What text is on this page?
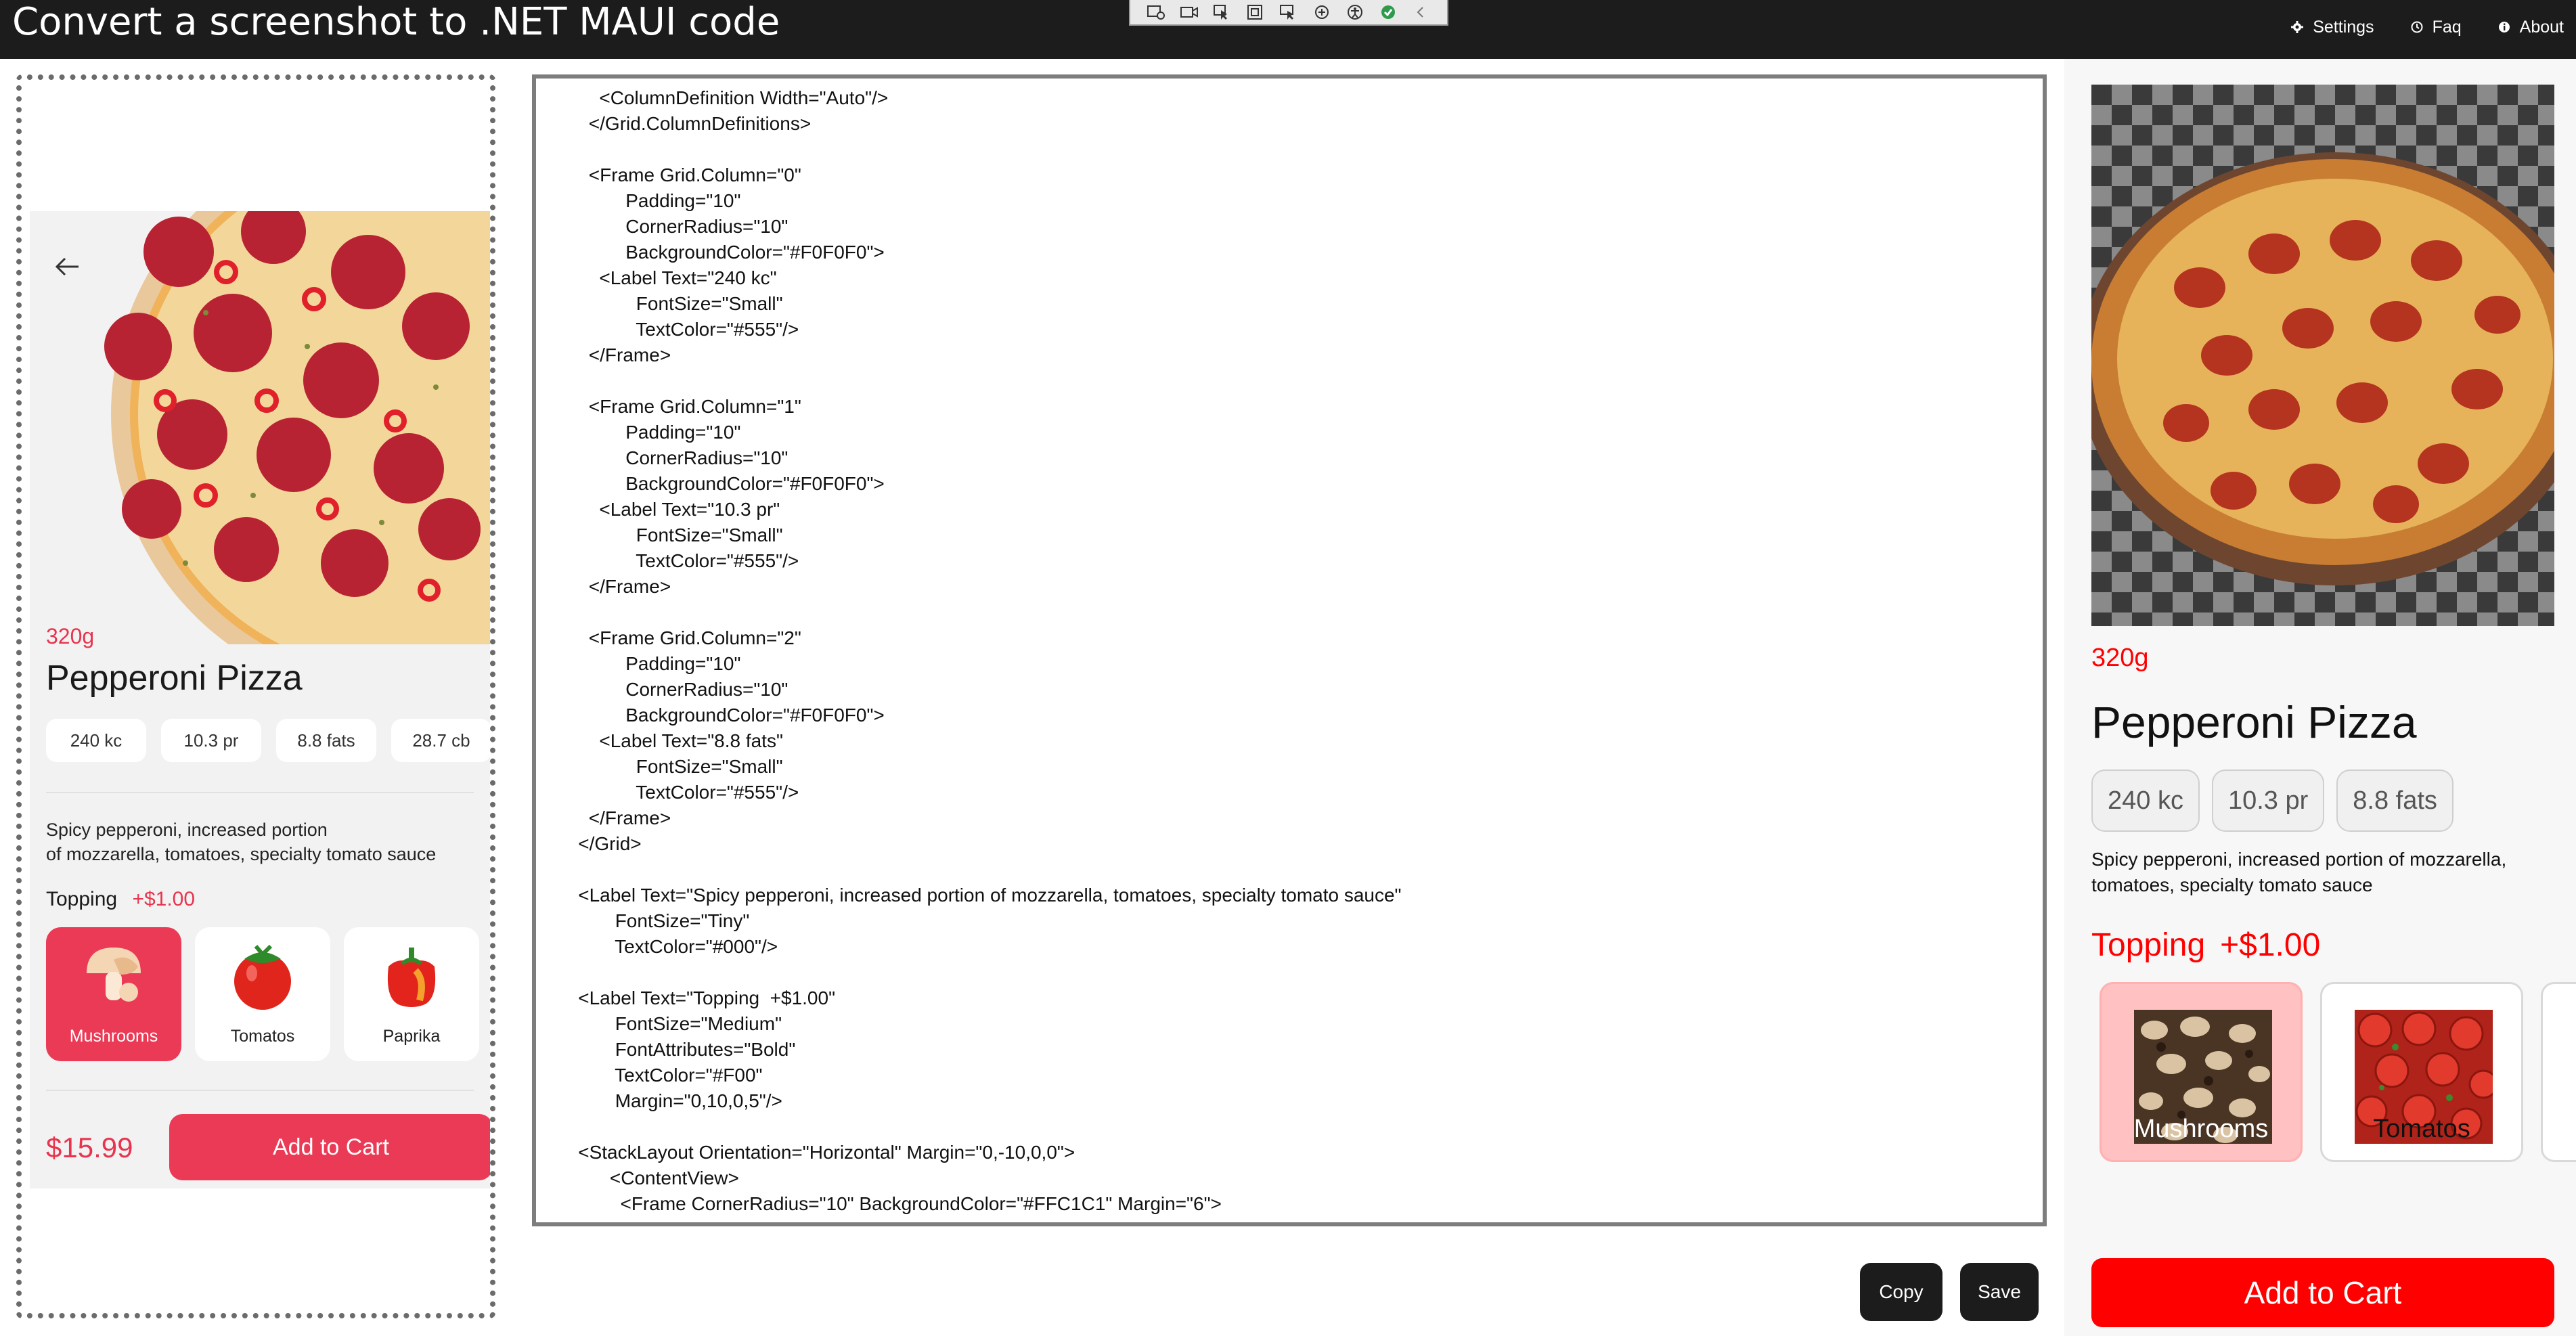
Convert a screenshot to .NET MAUI code	Settings	Faq	About
320g
Pepperoni Pizza
240 kc	10.3 pr	8.8 fats	28.7 cb
Spicy pepperoni, increased portion
of mozzarella, tomatoes, specialty tomato sauce
Topping +$1.00
Mushrooms	Tomatos	Paprika
$15.99	Add to Cart
<ColumnDefinition Width="Auto"/>
</Grid.ColumnDefinitions>
<Frame Grid.Column="0"
Padding="10"
CornerRadius="10"
BackgroundColor="#F0F0F0">
<Label Text="240 kc"
FontSize="Small"
TextColor="#555"/>
</Frame>
<Frame Grid.Column="1"
Padding="10"
CornerRadius="10"
BackgroundColor="#F0F0F0">
<Label Text="10.3 pr"
FontSize="Small"
TextColor="#555"/>
</Frame>
<Frame Grid.Column="2"
Padding="10"
CornerRadius="10"
BackgroundColor="#F0F0F0">
<Label Text="8.8 fats"
FontSize="Small"
TextColor="#555"/>
</Frame>
</Grid>
<Label Text="Spicy pepperoni, increased portion of mozzarella, tomatoes, specialty tomato sauce"
FontSize="Tiny"
TextColor="#000"/>
<Label Text="Topping  +$1.00"
FontSize="Medium"
FontAttributes="Bold"
TextColor="#F00"
Margin="0,10,0,5"/>
<StackLayout Orientation="Horizontal" Margin="0,-10,0,0">
<ContentView>
<Frame CornerRadius="10" BackgroundColor="#FFC1C1" Margin="6">
Copy	Save
320g
Pepperoni Pizza
240 kc	10.3 pr	8.8 fats
Spicy pepperoni, increased portion of mozzarella,
tomatoes, specialty tomato sauce
Topping +$1.00
Mushrooms	Tomatos
Add to Cart
